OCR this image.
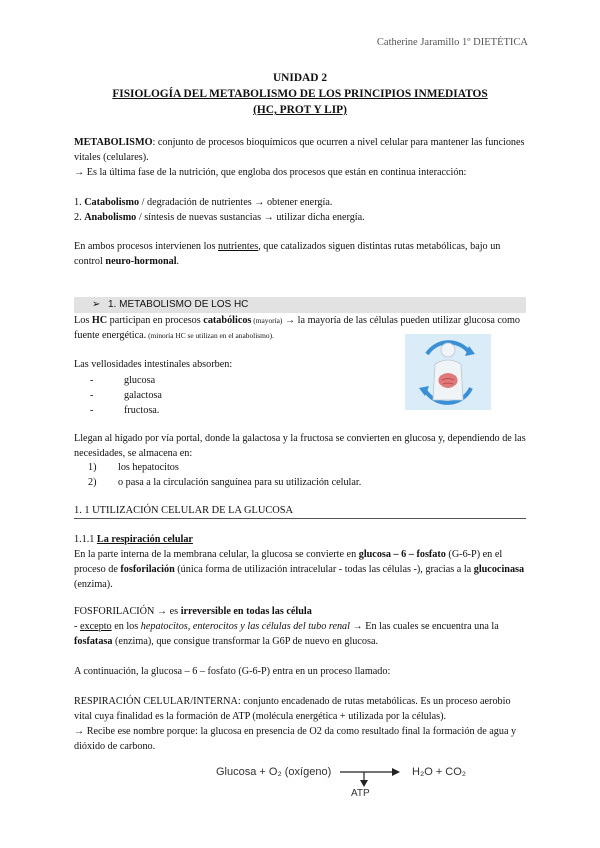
Catherine Jaramillo 1º DIETÉTICA
UNIDAD 2
FISIOLOGÍA DEL METABOLISMO DE LOS PRINCIPIOS INMEDIATOS
(HC, PROT Y LIP)
METABOLISMO: conjunto de procesos bioquímicos que ocurren a nivel celular para mantener las funciones vitales (celulares).
→ Es la última fase de la nutrición, que engloba dos procesos que están en continua interacción:
1. Catabolismo / degradación de nutrientes → obtener energía.
2. Anabolismo / síntesis de nuevas sustancias → utilizar dicha energía.
En ambos procesos intervienen los nutrientes, que catalizados siguen distintas rutas metabólicas, bajo un control neuro-hormonal.
➢ 1. METABOLISMO DE LOS HC
Los HC participan en procesos catabólicos (mayoría) → la mayoría de las células pueden utilizar glucosa como fuente energética. (minoría HC se utilizan en el anabolismo).
Las vellosidades intestinales absorben:
-	glucosa
-	galactosa
-	fructosa.
Llegan al hígado por vía portal, donde la galactosa y la fructosa se convierten en glucosa y, dependiendo de las necesidades, se almacena en:
1) los hepatocitos
2) o pasa a la circulación sanguínea para su utilización celular.
1. 1 UTILIZACIÓN CELULAR DE LA GLUCOSA
1.1.1 La respiración celular
En la parte interna de la membrana celular, la glucosa se convierte en glucosa – 6 – fosfato (G-6-P) en el proceso de fosforilación (única forma de utilización intracelular - todas las células -), gracias a la glucocinasa (enzima).
FOSFORILACIÓN → es irreversible en todas las célula
- excepto en los hepatocitos, enterocitos y las células del tubo renal → En las cuales se encuentra una la fosfatasa (enzima), que consigue transformar la G6P de nuevo en glucosa.
A continuación, la glucosa – 6 – fosfato (G-6-P) entra en un proceso llamado:
RESPIRACIÓN CELULAR/INTERNA: conjunto encadenado de rutas metabólicas. Es un proceso aerobio vital cuya finalidad es la formación de ATP (molécula energética + utilizada por la células).
→ Recibe ese nombre porque: la glucosa en presencia de O2 da como resultado final la formación de agua y dióxido de carbono.
Glucosa + O₂ (oxígeno)	H₂O + CO₂
ATP
